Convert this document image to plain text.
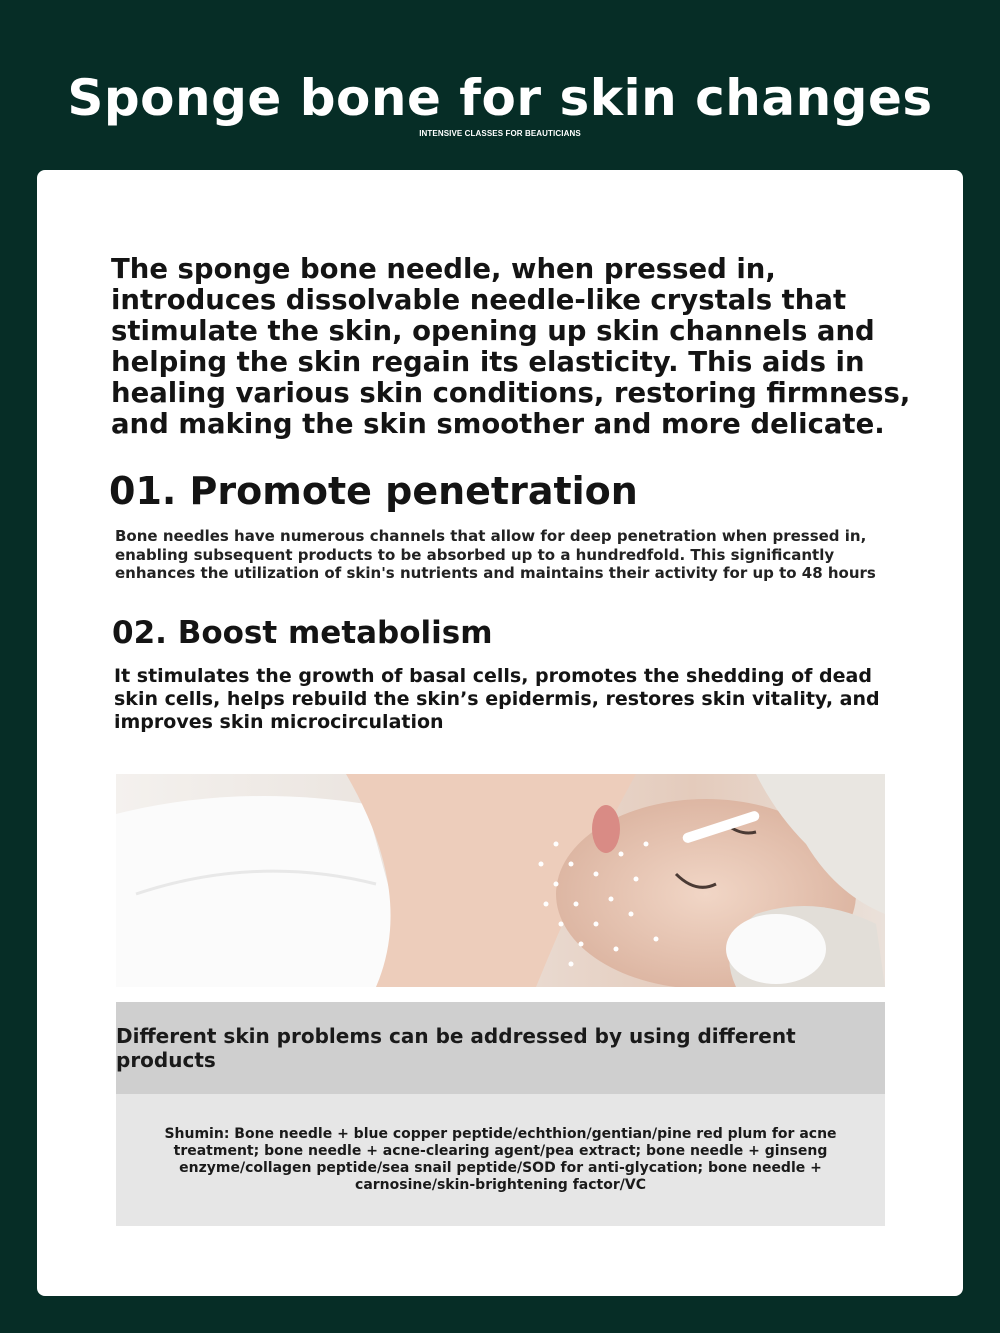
Sponge bone for skin changes
INTENSIVE CLASSES FOR BEAUTICIANS

The sponge bone needle, when pressed in, introduces dissolvable needle-like crystals that stimulate the skin, opening up skin channels and helping the skin regain its elasticity. This aids in healing various skin conditions, restoring firmness, and making the skin smoother and more delicate.

01. Promote penetration

Bone needles have numerous channels that allow for deep penetration when pressed in, enabling subsequent products to be absorbed up to a hundredfold. This significantly enhances the utilization of skin's nutrients and maintains their activity for up to 48 hours

02. Boost metabolism

It stimulates the growth of basal cells, promotes the shedding of dead skin cells, helps rebuild the skin’s epidermis, restores skin vitality, and improves skin microcirculation

Different skin problems can be addressed by using different products

Shumin: Bone needle + blue copper peptide/echthion/gentian/pine red plum for acne treatment; bone needle + acne-clearing agent/pea extract; bone needle + ginseng enzyme/collagen peptide/sea snail peptide/SOD for anti-glycation; bone needle + carnosine/skin-brightening factor/VC
